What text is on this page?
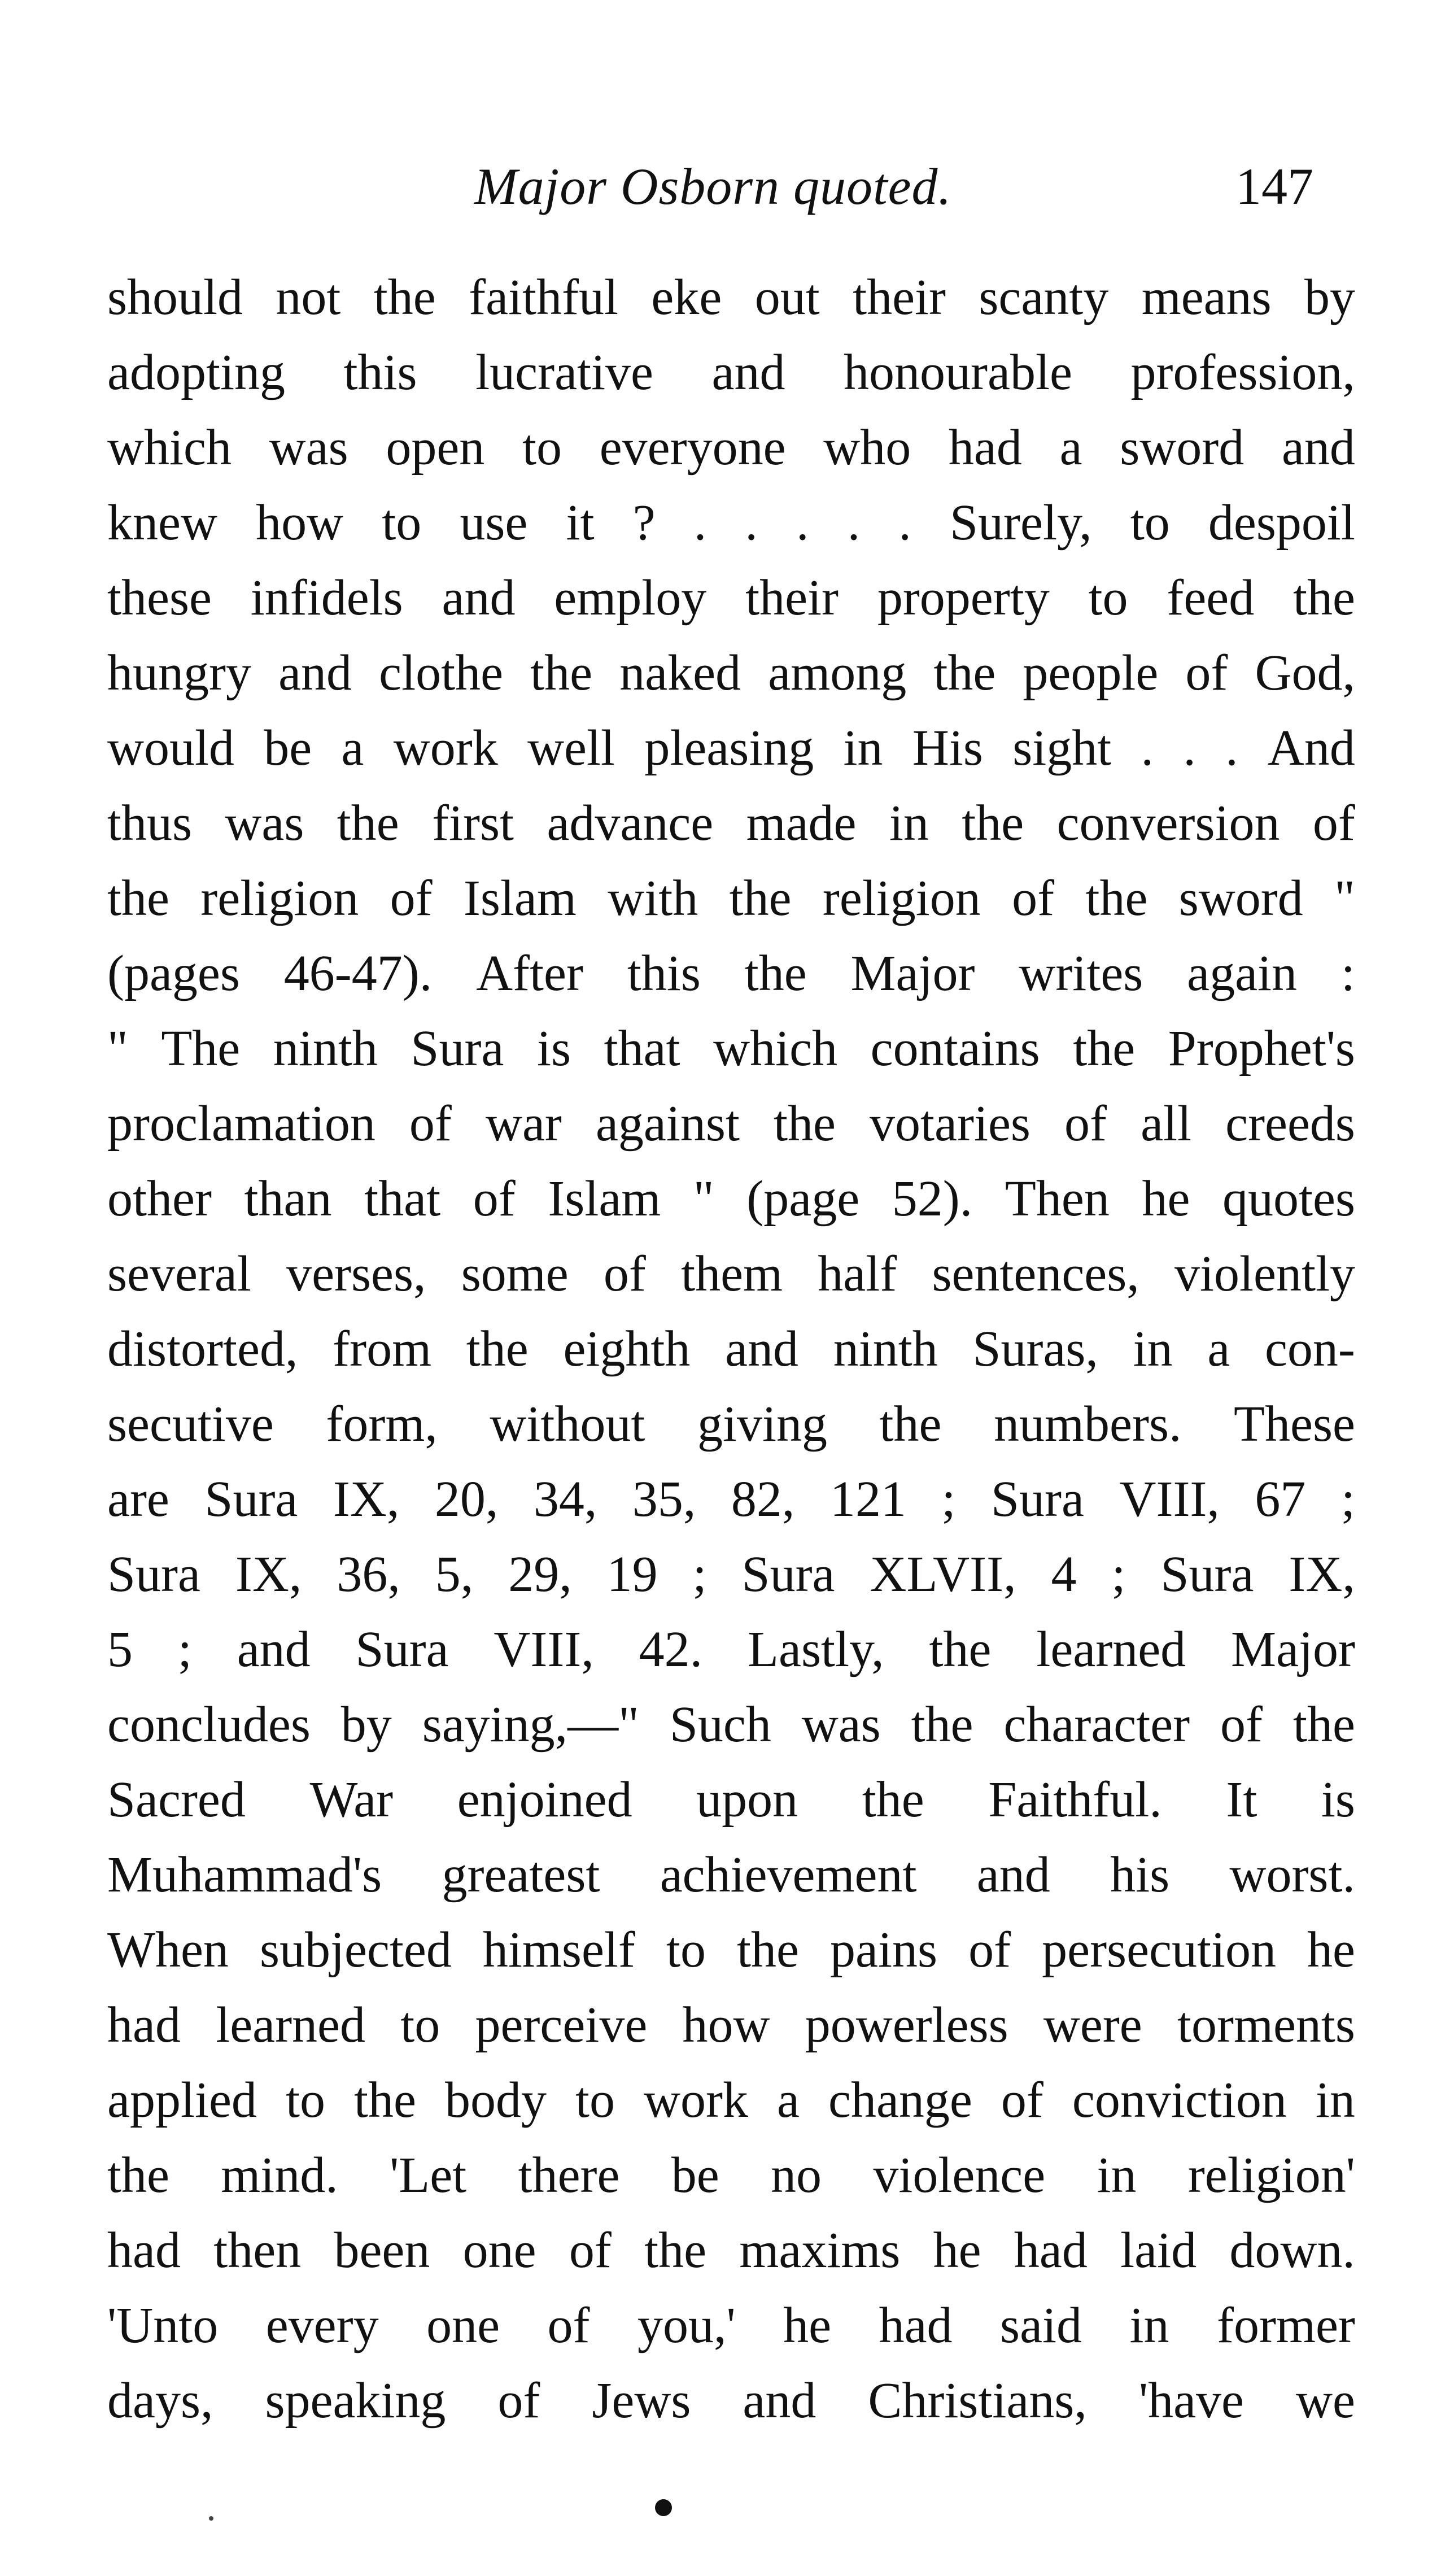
Major Osborn quoted.	147
should not the faithful eke out their scanty means by
adopting this lucrative and honourable profession,
which was open to everyone who had a sword and
knew how to use it ? . . . . . Surely, to despoil
these infidels and employ their property to feed the
hungry and clothe the naked among the people of God,
would be a work well pleasing in His sight . . . And
thus was the first advance made in the conversion of
the religion of Islam with the religion of the sword "
(pages 46-47). After this the Major writes again :
" The ninth Sura is that which contains the Prophet's
proclamation of war against the votaries of all creeds
other than that of Islam " (page 52). Then he quotes
several verses, some of them half sentences, violently
distorted, from the eighth and ninth Suras, in a con-
secutive form, without giving the numbers. These
are Sura IX, 20, 34, 35, 82, 121 ; Sura VIII, 67 ;
Sura IX, 36, 5, 29, 19 ; Sura XLVII, 4 ; Sura IX,
5 ; and Sura VIII, 42. Lastly, the learned Major
concludes by saying,—" Such was the character of the
Sacred War enjoined upon the Faithful. It is
Muhammad's greatest achievement and his worst.
When subjected himself to the pains of persecution he
had learned to perceive how powerless were torments
applied to the body to work a change of conviction in
the mind. 'Let there be no violence in religion'
had then been one of the maxims he had laid down.
'Unto every one of you,' he had said in former
days, speaking of Jews and Christians, 'have we
